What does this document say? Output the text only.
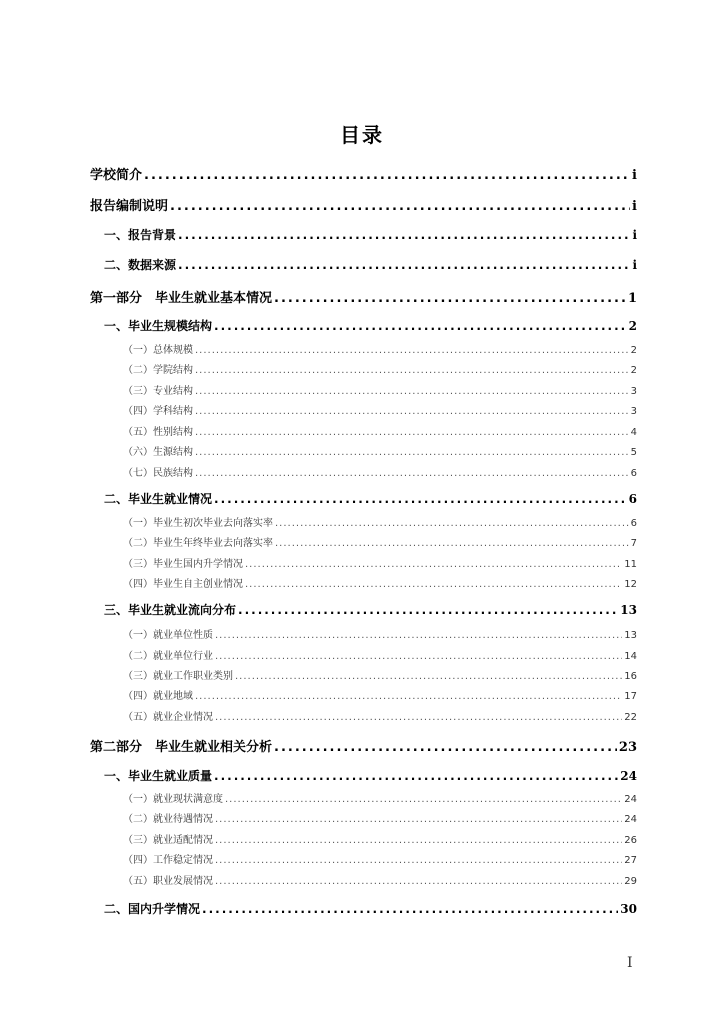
目录
学校简介 .....	i
报告编制说明 .....	i
一、报告背景 .....	i
二、数据来源 .....	i
第一部分　毕业生就业基本情况 .....	1
一、毕业生规模结构 .....	2
（一）总体规模 .....	2
（二）学院结构 .....	2
（三）专业结构 .....	3
（四）学科结构 .....	3
（五）性别结构 .....	4
（六）生源结构 .....	5
（七）民族结构 .....	6
二、毕业生就业情况 .....	6
（一）毕业生初次毕业去向落实率 .....	6
（二）毕业生年终毕业去向落实率 .....	7
（三）毕业生国内升学情况 .....	11
（四）毕业生自主创业情况 .....	12
三、毕业生就业流向分布 .....	13
（一）就业单位性质 .....	13
（二）就业单位行业 .....	14
（三）就业工作职业类别 .....	16
（四）就业地域 .....	17
（五）就业企业情况 .....	22
第二部分　毕业生就业相关分析 .....	23
一、毕业生就业质量 .....	24
（一）就业现状满意度 .....	24
（二）就业待遇情况 .....	24
（三）就业适配情况 .....	26
（四）工作稳定情况 .....	27
（五）职业发展情况 .....	29
二、国内升学情况 .....	30
I
